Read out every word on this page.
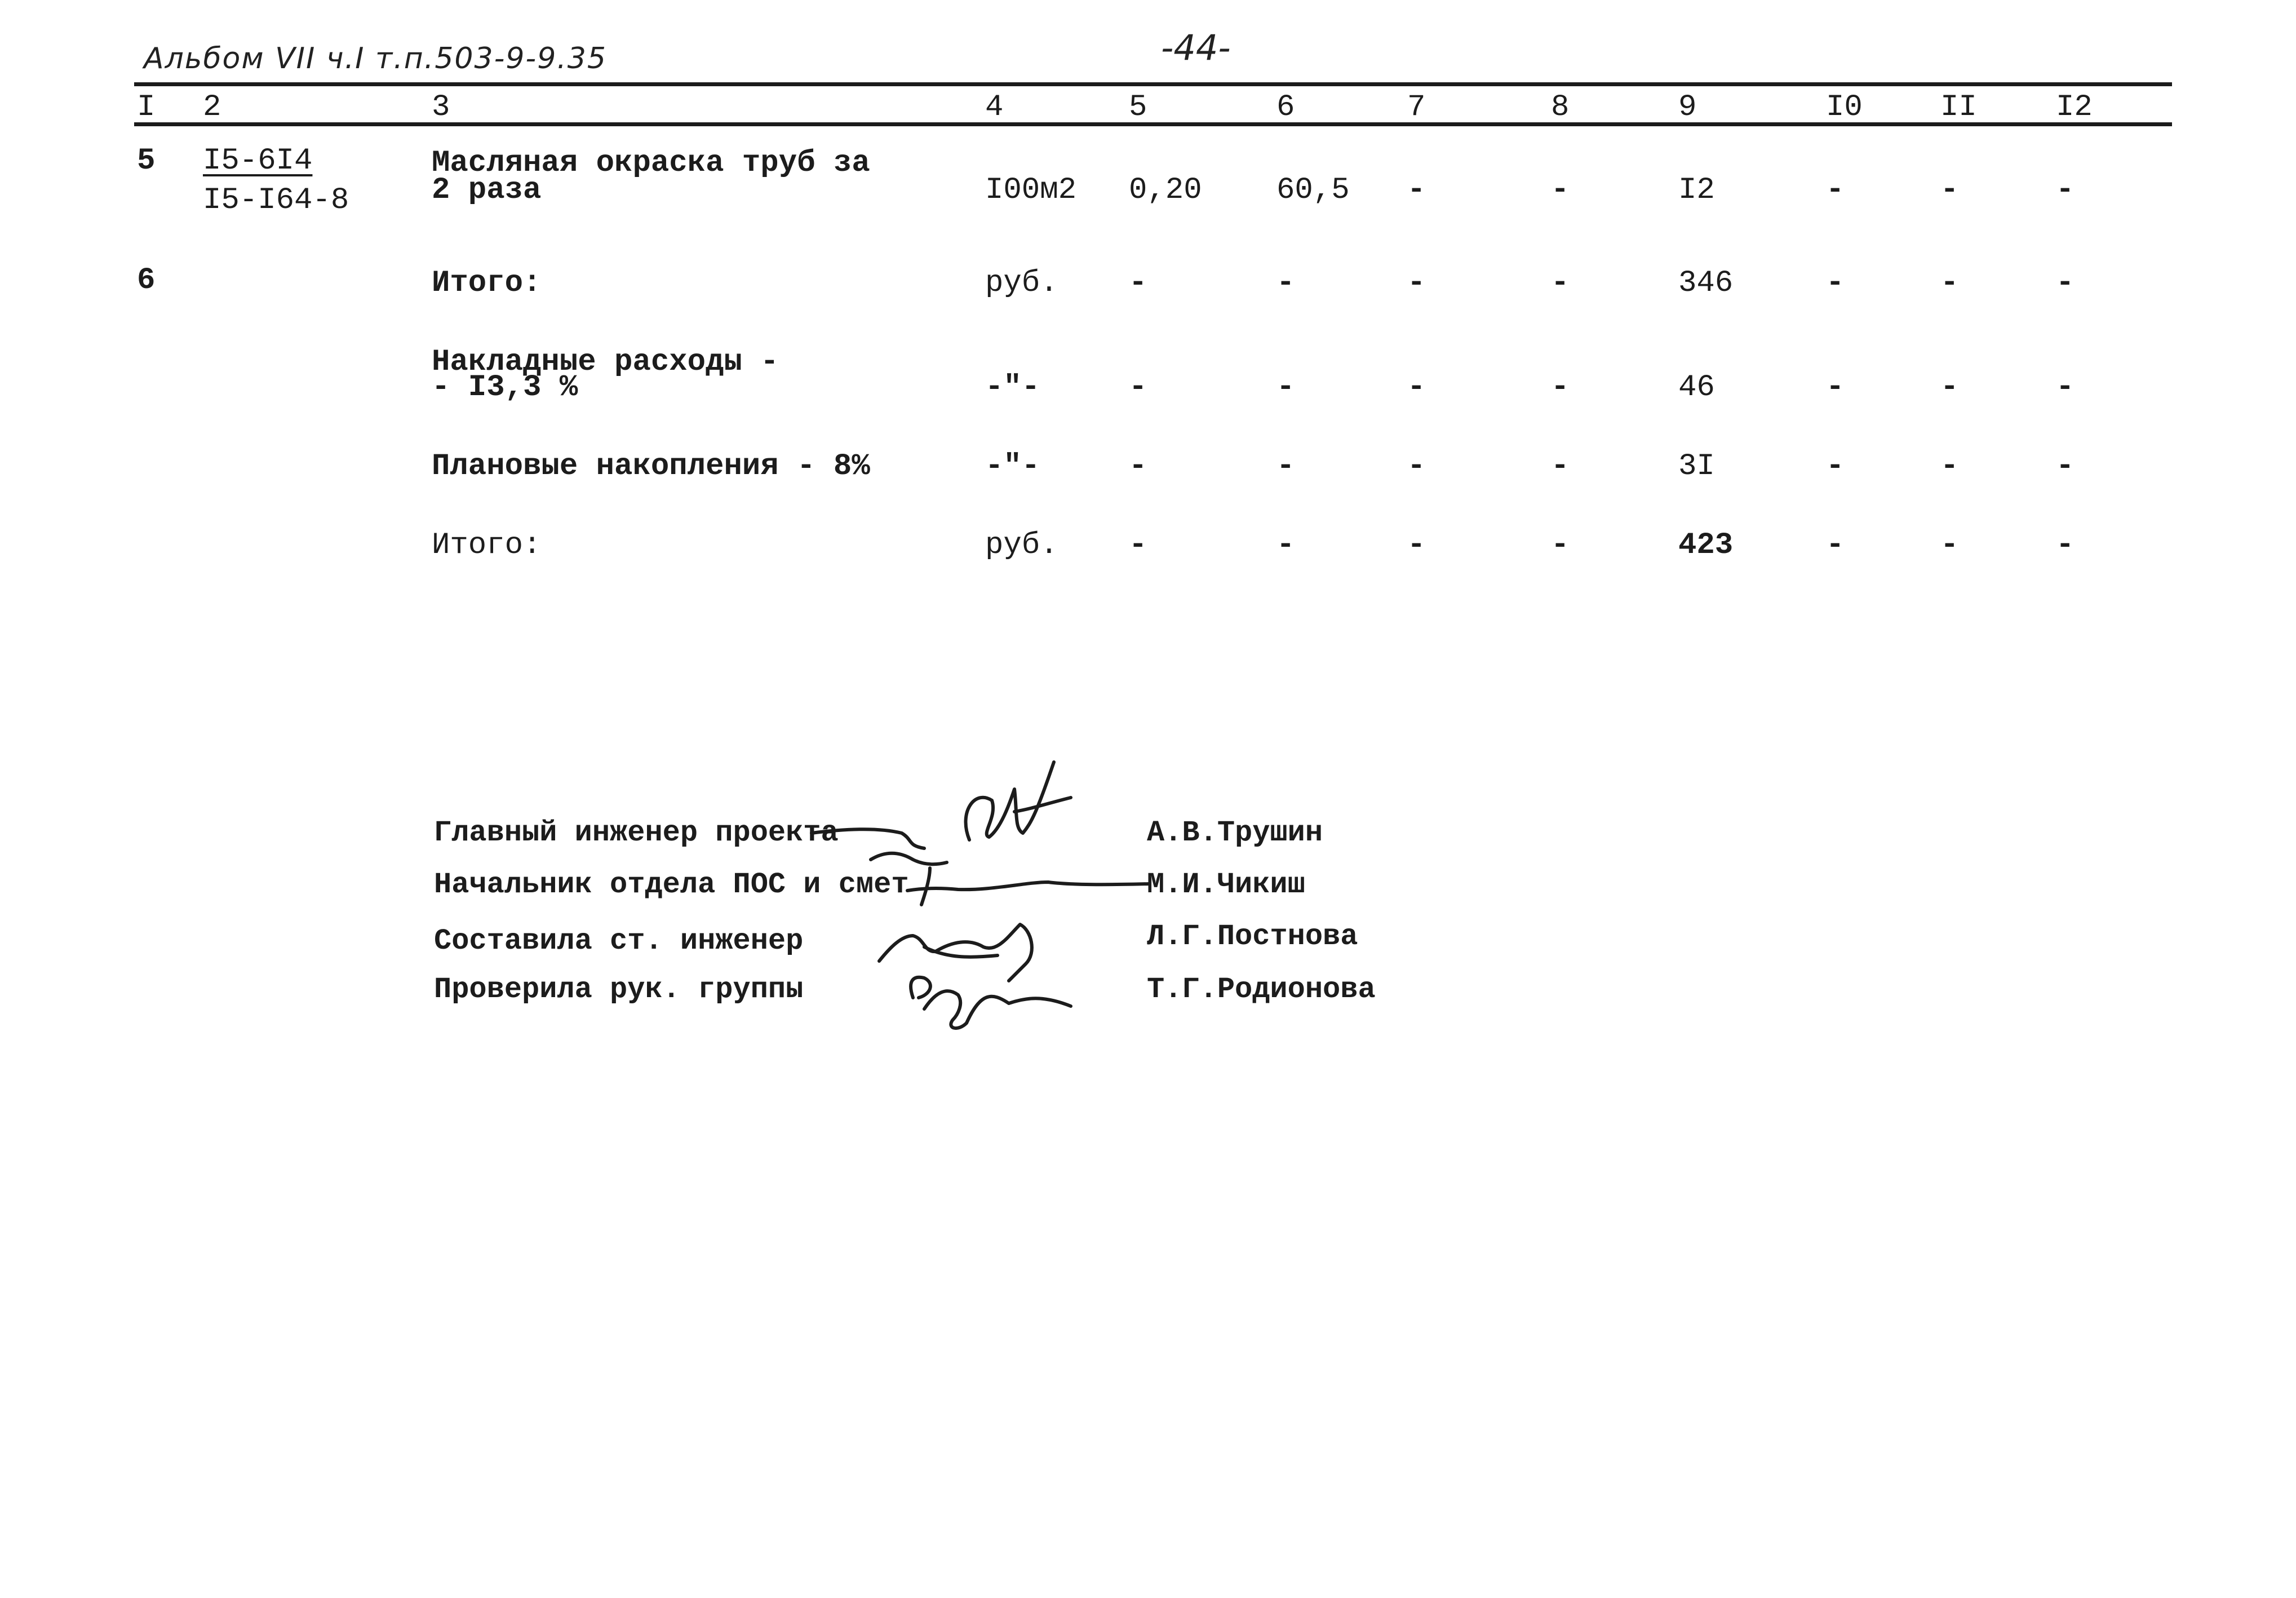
Альбом VII ч.I т.п.503-9-9.35	-44-
I 2	3	4	5	6	7	8	9	I0	II	I2
5 I5-6I4
I5-I64-8
Масляная окраска труб за
2 раза	I00м2 0,20 60,5 -	-	I2	-	-	-
6	Итого:	руб. -	-	-	-	346	-	-	-
Накладные расходы -
- I3,3 %	-"-	-	-	-	-	46	-	-	-
Плановые накопления - 8%	-"-	-	-	-	-	3I	-	-	-
Итого:	руб. -	-	-	-	423	-	-	-
Главный инженер проекта	А.В.Трушин
Начальник отдела ПОС и смет	М.И.Чикиш
Составила ст. инженер	Л.Г.Постнова
Проверила рук. группы	Т.Г.Родионова
